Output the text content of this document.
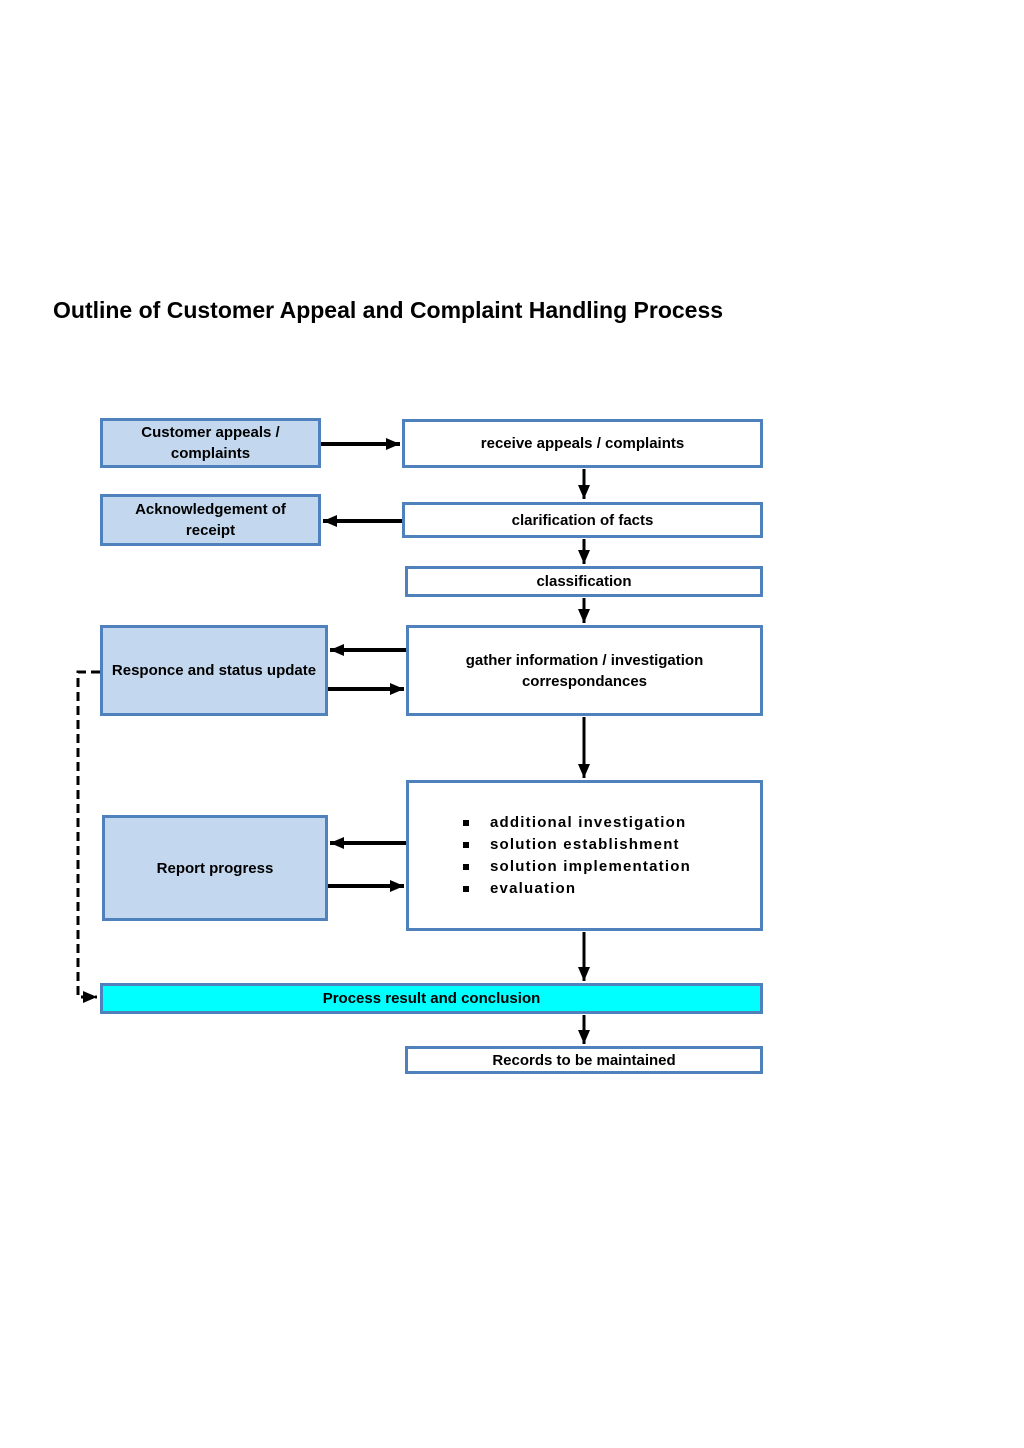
Outline of Customer Appeal and Complaint Handling Process
Customer appeals / complaints
receive appeals / complaints
Acknowledgement of receipt
clarification of facts
classification
Responce and status update
gather information / investigation correspondances
Report progress
additional investigation
solution establishment
solution implementation
evaluation
Process result and conclusion
Records to be maintained
